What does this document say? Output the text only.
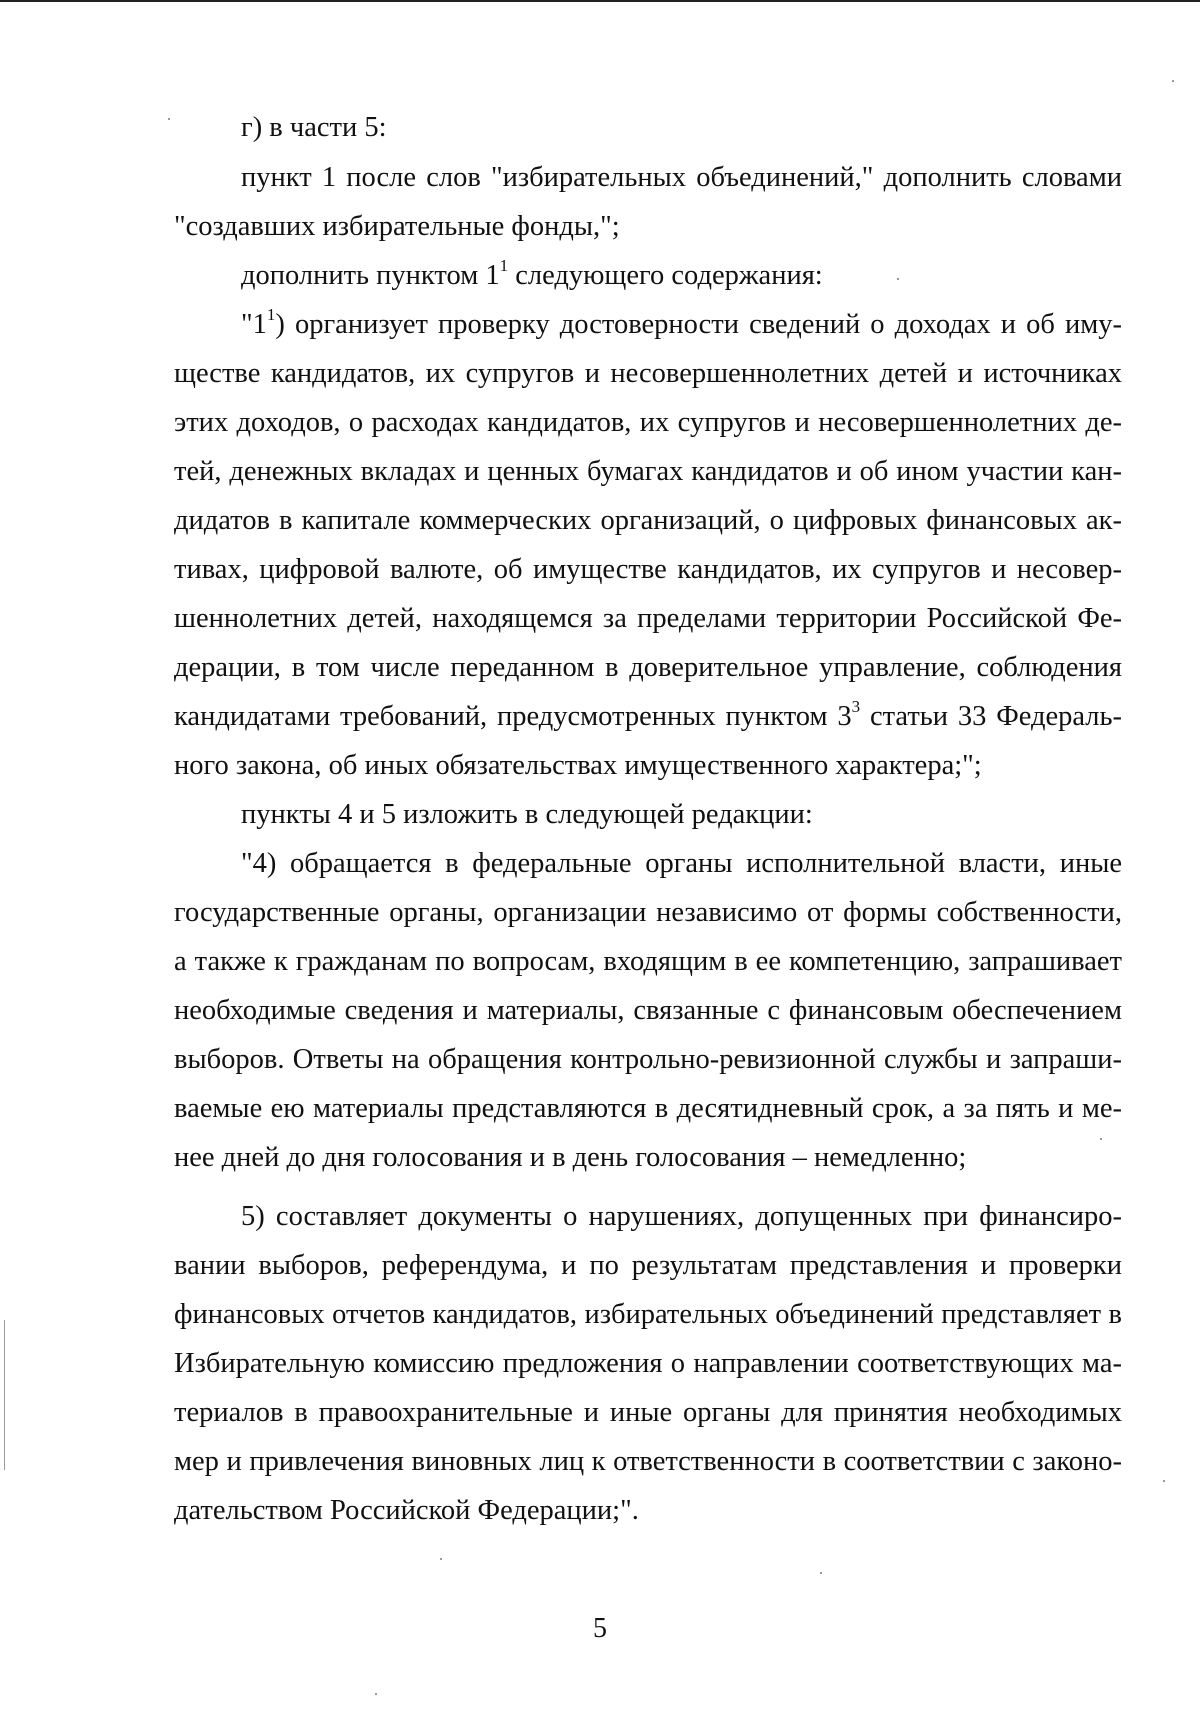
г) в части 5:
пункт 1 после слов "избирательных объединений," дополнить словами
"создавших избирательные фонды,";
дополнить пунктом $1^1$ следующего содержания:
"$1^1$) организует проверку достоверности сведений о доходах и об иму-
ществе кандидатов, их супругов и несовершеннолетних детей и источниках
этих доходов, о расходах кандидатов, их супругов и несовершеннолетних де-
тей, денежных вкладах и ценных бумагах кандидатов и об ином участии кан-
дидатов в капитале коммерческих организаций, о цифровых финансовых ак-
тивах, цифровой валюте, об имуществе кандидатов, их супругов и несовер-
шеннолетних детей, находящемся за пределами территории Российской Фе-
дерации, в том числе переданном в доверительное управление, соблюдения
кандидатами требований, предусмотренных пунктом $3^3$ статьи 33 Федераль-
ного закона, об иных обязательствах имущественного характера;";
пункты 4 и 5 изложить в следующей редакции:
"4) обращается в федеральные органы исполнительной власти, иные
государственные органы, организации независимо от формы собственности,
а также к гражданам по вопросам, входящим в ее компетенцию, запрашивает
необходимые сведения и материалы, связанные с финансовым обеспечением
выборов. Ответы на обращения контрольно-ревизионной службы и запраши-
ваемые ею материалы представляются в десятидневный срок, а за пять и ме-
нее дней до дня голосования и в день голосования – немедленно;
5) составляет документы о нарушениях, допущенных при финансиро-
вании выборов, референдума, и по результатам представления и проверки
финансовых отчетов кандидатов, избирательных объединений представляет в
Избирательную комиссию предложения о направлении соответствующих ма-
териалов в правоохранительные и иные органы для принятия необходимых
мер и привлечения виновных лиц к ответственности в соответствии с законо-
дательством Российской Федерации;".
5
